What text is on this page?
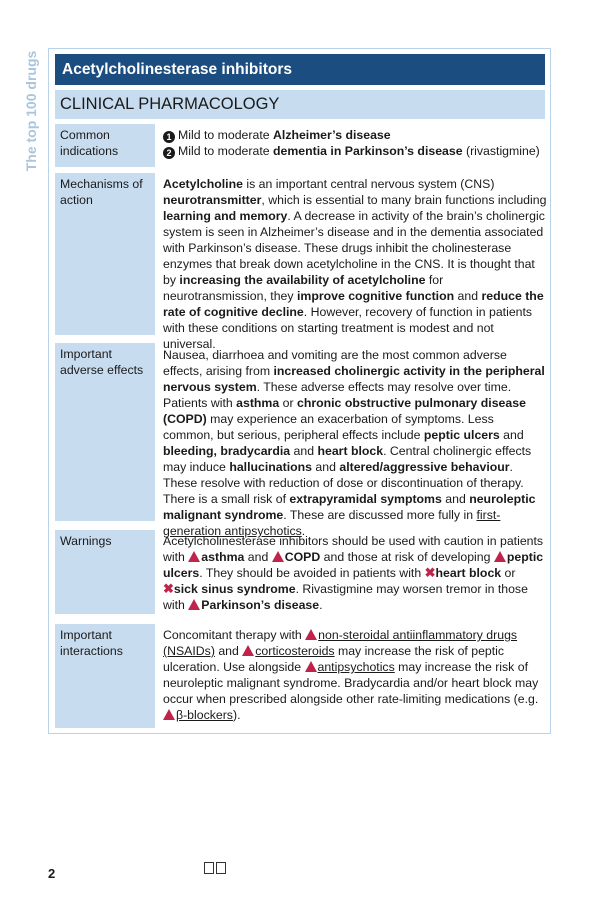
The top 100 drugs	Acetylcholinesterase inhibitors
CLINICAL PHARMACOLOGY
Common indications
1 Mild to moderate Alzheimer’s disease
2 Mild to moderate dementia in Parkinson’s disease (rivastigmine)
Mechanisms of action

Acetylcholine is an important central nervous system (CNS) neurotransmitter, which is essential to many brain functions including learning and memory. A decrease in activity of the brain’s cholinergic system is seen in Alzheimer’s disease and in the dementia associated with Parkinson’s disease. These drugs inhibit the cholinesterase enzymes that break down acetylcholine in the CNS. It is thought that by increasing the availability of acetylcholine for neurotransmission, they improve cognitive function and reduce the rate of cognitive decline. However, recovery of function in patients with these conditions on starting treatment is modest and not universal.

Important adverse effects

Nausea, diarrhoea and vomiting are the most common adverse effects, arising from increased cholinergic activity in the peripheral nervous system. These adverse effects may resolve over time. Patients with asthma or chronic obstructive pulmonary disease (COPD) may experience an exacerbation of symptoms. Less common, but serious, peripheral effects include peptic ulcers and bleeding, bradycardia and heart block. Central cholinergic effects may induce hallucinations and altered/aggressive behaviour. These resolve with reduction of dose or discontinuation of therapy. There is a small risk of extrapyramidal symptoms and neuroleptic malignant syndrome. These are discussed more fully in first-generation antipsychotics.

Warnings	Acetylcholinesterase inhibitors should be used with caution in patients with asthma and COPD and those at risk of developing peptic ulcers. They should be avoided in patients with ✖heart block or ✖sick sinus syndrome. Rivastigmine may worsen tremor in those with Parkinson’s disease.

Important interactions

Concomitant therapy with non-steroidal antiinflammatory drugs (NSAIDs) and corticosteroids may increase the risk of peptic ulceration. Use alongside antipsychotics may increase the risk of neuroleptic malignant syndrome. Bradycardia and/or heart block may occur when prescribed alongside other rate-limiting medications (e.g. β-blockers).

2
